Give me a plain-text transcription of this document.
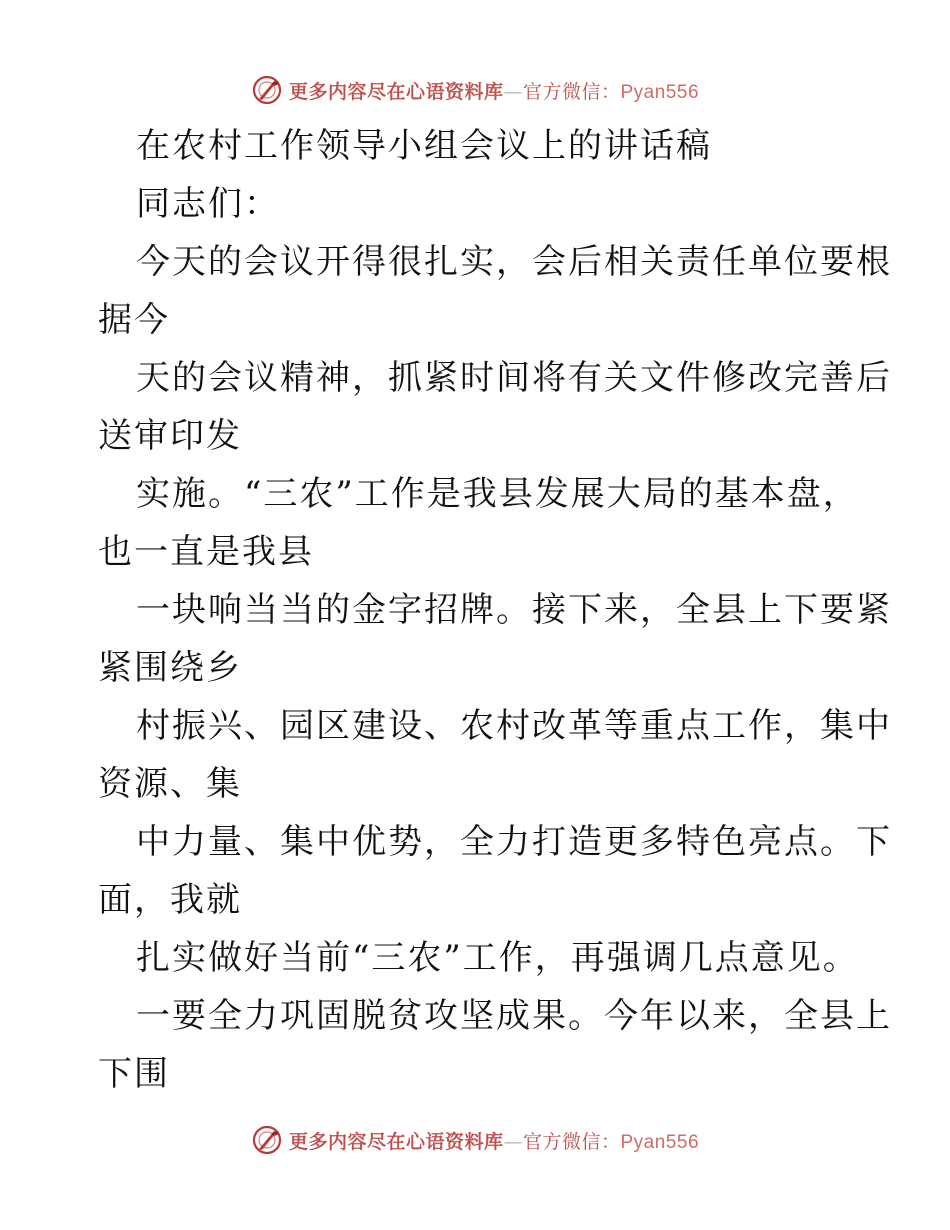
更多内容尽在心语资料库—官方微信：Pyan556
在农村工作领导小组会议上的讲话稿
同志们：
今天的会议开得很扎实，会后相关责任单位要根
据今
天的会议精神，抓紧时间将有关文件修改完善后
送审印发
实施。“三农”工作是我县发展大局的基本盘，
也一直是我县
一块响当当的金字招牌。接下来，全县上下要紧
紧围绕乡
村振兴、园区建设、农村改革等重点工作，集中
资源、集
中力量、集中优势，全力打造更多特色亮点。下
面，我就
扎实做好当前“三农”工作，再强调几点意见。
一要全力巩固脱贫攻坚成果。今年以来，全县上
下围
更多内容尽在心语资料库—官方微信：Pyan556
